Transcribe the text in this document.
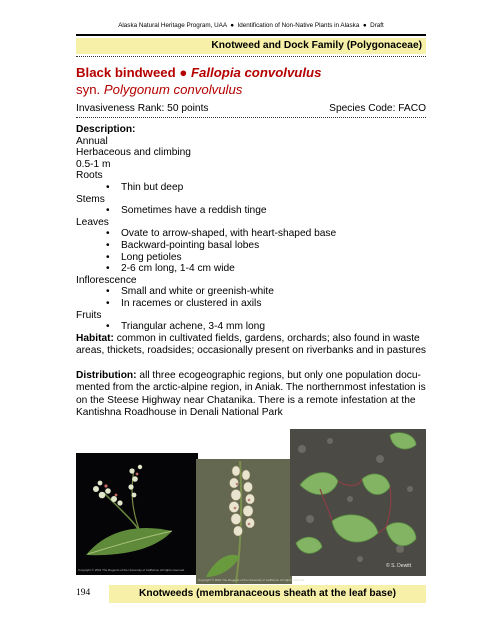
Alaska Natural Heritage Program, UAA  ●  Identification of Non-Native Plants in Alaska  ●  Draft
Knotweed and Dock Family (Polygonaceae)
Black bindweed ● Fallopia convolvulus
syn. Polygonum convolvulus
Invasiveness Rank: 50 points	Species Code: FACO
Description:
Annual
Herbaceous and climbing
0.5-1 m
Roots
• Thin but deep
Stems
• Sometimes have a reddish tinge
Leaves
• Ovate to arrow-shaped, with heart-shaped base
• Backward-pointing basal lobes
• Long petioles
• 2-6 cm long, 1-4 cm wide
Inflorescence
• Small and white or greenish-white
• In racemes or clustered in axils
Fruits
• Triangular achene, 3-4 mm long
Habitat: common in cultivated fields, gardens, orchards; also found in waste
areas, thickets, roadsides; occasionally present on riverbanks and in pastures
Distribution: all three ecogeographic regions, but only one population docu-
mented from the arctic-alpine region, in Aniak. The northernmost infestation is
on the Steese Highway near Chatanika. There is a remote infestation at the
Kantishna Roadhouse in Denali National Park
Copyright © 2001 The Regents of the University of California. All rights reserved.
Copyright © 2001 The Regents of the University of California. All rights reserved.
© S. Dewitt
194	Knotweeds (membranaceous sheath at the leaf base)
